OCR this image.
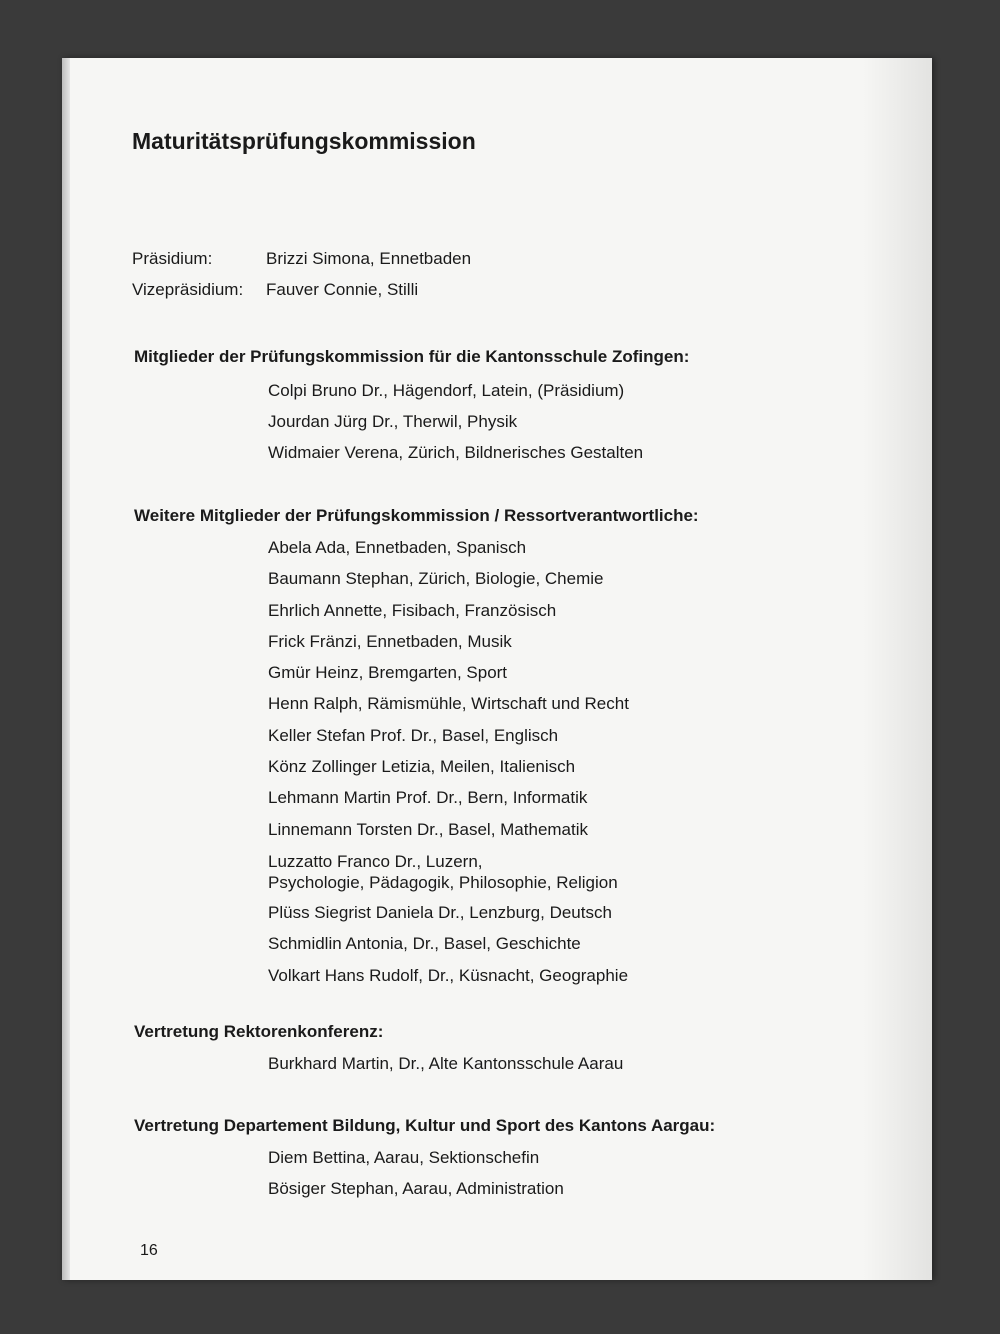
Maturitätsprüfungskommission
Präsidium:	Brizzi Simona, Ennetbaden
Vizepräsidium: Fauver Connie, Stilli
Mitglieder der Prüfungskommission für die Kantonsschule Zofingen:
Colpi Bruno Dr., Hägendorf, Latein, (Präsidium)
Jourdan Jürg Dr., Therwil, Physik
Widmaier Verena, Zürich, Bildnerisches Gestalten
Weitere Mitglieder der Prüfungskommission / Ressortverantwortliche:
Abela Ada, Ennetbaden, Spanisch
Baumann Stephan, Zürich, Biologie, Chemie
Ehrlich Annette, Fisibach, Französisch
Frick Fränzi, Ennetbaden, Musik
Gmür Heinz, Bremgarten, Sport
Henn Ralph, Rämismühle, Wirtschaft und Recht
Keller Stefan Prof. Dr., Basel, Englisch
Könz Zollinger Letizia, Meilen, Italienisch
Lehmann Martin Prof. Dr., Bern, Informatik
Linnemann Torsten Dr., Basel, Mathematik
Luzzatto Franco Dr., Luzern,
Psychologie, Pädagogik, Philosophie, Religion
Plüss Siegrist Daniela Dr., Lenzburg, Deutsch
Schmidlin Antonia, Dr., Basel, Geschichte
Volkart Hans Rudolf, Dr., Küsnacht, Geographie
Vertretung Rektorenkonferenz:
Burkhard Martin, Dr., Alte Kantonsschule Aarau
Vertretung Departement Bildung, Kultur und Sport des Kantons Aargau:
Diem Bettina, Aarau, Sektionschefin
Bösiger Stephan, Aarau, Administration
16
